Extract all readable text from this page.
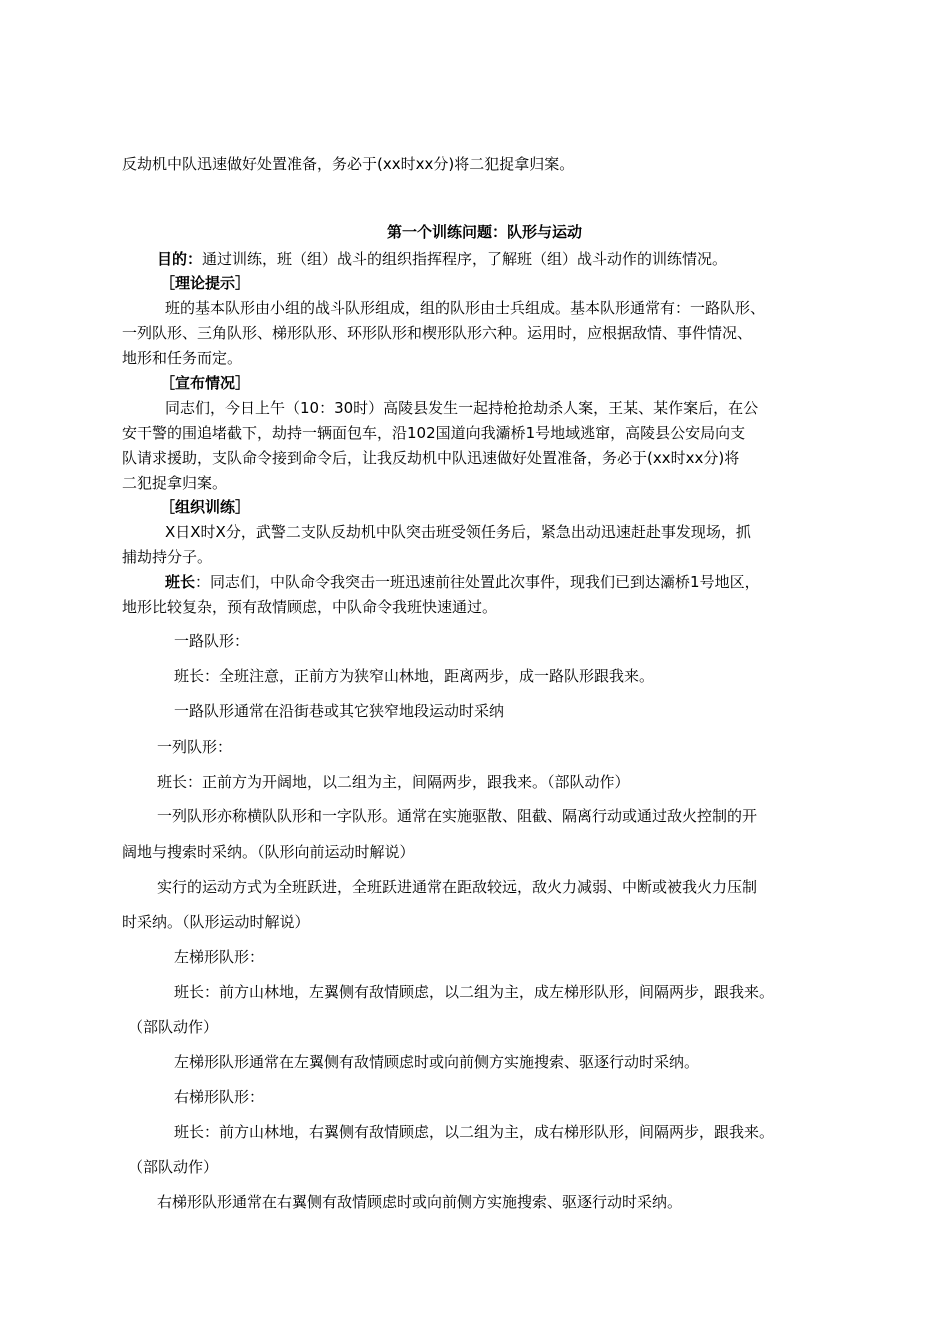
反劫机中队迅速做好处置准备，务必于(xx时xx分)将二犯捉拿归案。
第一个训练问题：队形与运动
目的：通过训练，班（组）战斗的组织指挥程序，了解班（组）战斗动作的训练情况。
［理论提示］
班的基本队形由小组的战斗队形组成，组的队形由士兵组成。基本队形通常有：一路队形、
一列队形、三角队形、梯形队形、环形队形和楔形队形六种。运用时，应根据敌情、事件情况、
地形和任务而定。
［宣布情况］
同志们，今日上午（10：30时）高陵县发生一起持枪抢劫杀人案，王某、某作案后，在公
安干警的围追堵截下，劫持一辆面包车，沿102国道向我灞桥1号地域逃窜，高陵县公安局向支
队请求援助，支队命令接到命令后，让我反劫机中队迅速做好处置准备，务必于(xx时xx分)将
二犯捉拿归案。
［组织训练］
X日X时X分，武警二支队反劫机中队突击班受领任务后，紧急出动迅速赶赴事发现场，抓
捕劫持分子。
班长：同志们，中队命令我突击一班迅速前往处置此次事件，现我们已到达灞桥1号地区，
地形比较复杂，预有敌情顾虑，中队命令我班快速通过。
一路队形：
班长：全班注意，正前方为狭窄山林地，距离两步，成一路队形跟我来。
一路队形通常在沿街巷或其它狭窄地段运动时采纳
一列队形：
班长：正前方为开阔地，以二组为主，间隔两步，跟我来。（部队动作）
一列队形亦称横队队形和一字队形。通常在实施驱散、阻截、隔离行动或通过敌火控制的开
阔地与搜索时采纳。（队形向前运动时解说）
实行的运动方式为全班跃进，全班跃进通常在距敌较远，敌火力减弱、中断或被我火力压制
时采纳。（队形运动时解说）
左梯形队形：
班长：前方山林地，左翼侧有敌情顾虑，以二组为主，成左梯形队形，间隔两步，跟我来。
（部队动作）
左梯形队形通常在左翼侧有敌情顾虑时或向前侧方实施搜索、驱逐行动时采纳。
右梯形队形：
班长：前方山林地，右翼侧有敌情顾虑，以二组为主，成右梯形队形，间隔两步，跟我来。
（部队动作）
右梯形队形通常在右翼侧有敌情顾虑时或向前侧方实施搜索、驱逐行动时采纳。
